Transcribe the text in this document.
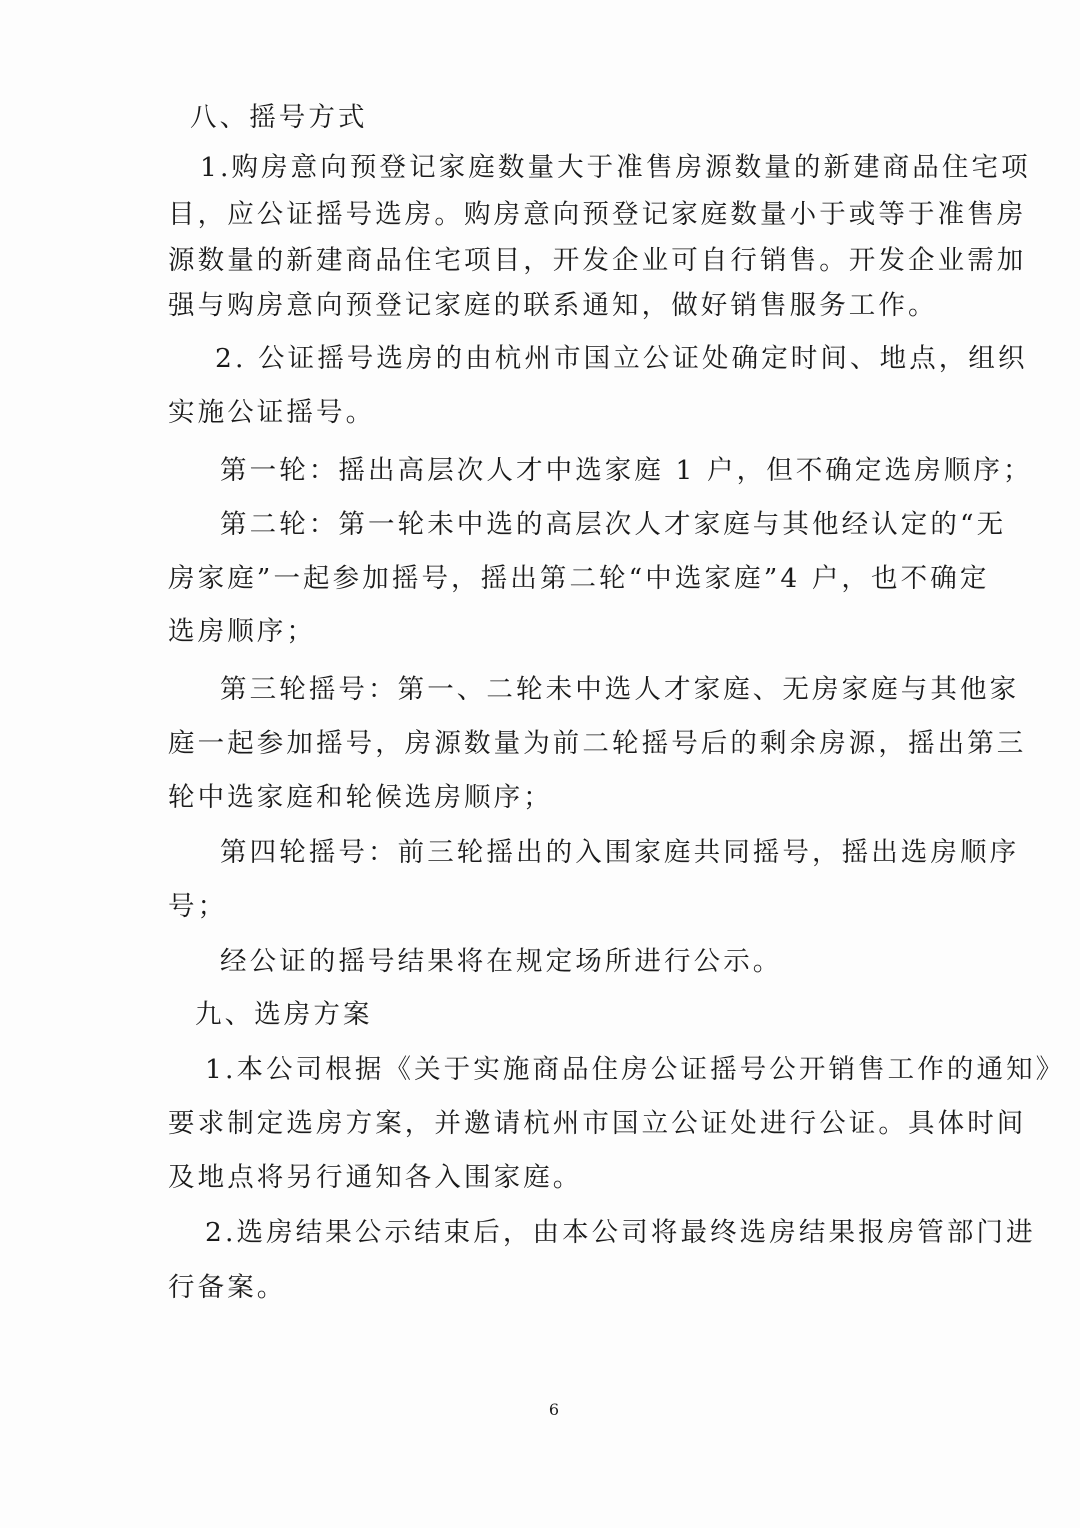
八、摇号方式
1.购房意向预登记家庭数量大于准售房源数量的新建商品住宅项
目，应公证摇号选房。购房意向预登记家庭数量小于或等于准售房
源数量的新建商品住宅项目，开发企业可自行销售。开发企业需加
强与购房意向预登记家庭的联系通知，做好销售服务工作。
2. 公证摇号选房的由杭州市国立公证处确定时间、地点，组织
实施公证摇号。
第一轮：摇出高层次人才中选家庭 1 户，但不确定选房顺序；
第二轮：第一轮未中选的高层次人才家庭与其他经认定的“无
房家庭”一起参加摇号，摇出第二轮“中选家庭”4 户，也不确定
选房顺序；
第三轮摇号：第一、二轮未中选人才家庭、无房家庭与其他家
庭一起参加摇号，房源数量为前二轮摇号后的剩余房源，摇出第三
轮中选家庭和轮候选房顺序；
第四轮摇号：前三轮摇出的入围家庭共同摇号，摇出选房顺序
号；
经公证的摇号结果将在规定场所进行公示。
九、选房方案
1.本公司根据《关于实施商品住房公证摇号公开销售工作的通知》
要求制定选房方案，并邀请杭州市国立公证处进行公证。具体时间
及地点将另行通知各入围家庭。
2.选房结果公示结束后，由本公司将最终选房结果报房管部门进
行备案。
6
